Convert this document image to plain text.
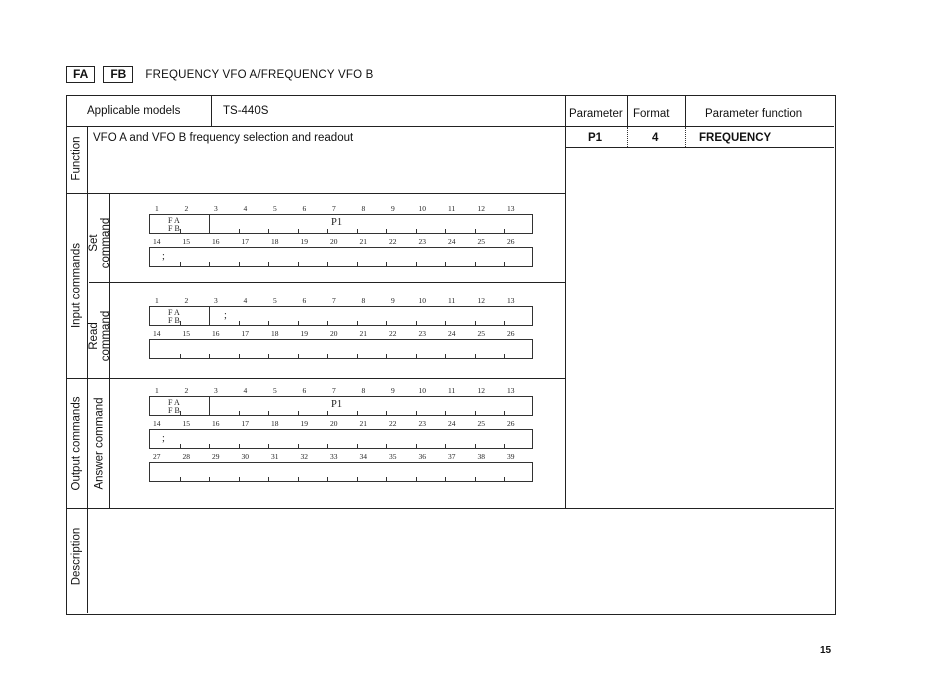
FA	FB	FREQUENCY VFO A/FREQUENCY VFO B
Applicable models	TS-440S	Parameter Format	Parameter function
P1	4	FREQUENCY
VFO A and VFO B frequency selection and readout
Function
Input commands
Output commands
Description
Set
command
Read
command
Answer command
1	2	3	4	5	6	7	8	9	10	11	12	13
F A
F B
P1
14	15	16	17	18	19	20	21	22	23	24	25	26
;
1	2	3	4	5	6	7	8	9	10	11	12	13
F A
F B	;
14	15	16	17	18	19	20	21	22	23	24	25	26
1	2	3	4	5	6	7	8	9	10	11	12	13
F A
F B
P1
14	15	16	17	18	19	20	21	22	23	24	25	26
;
27	28	29	30	31	32	33	34	35	36	37	38	39
15
